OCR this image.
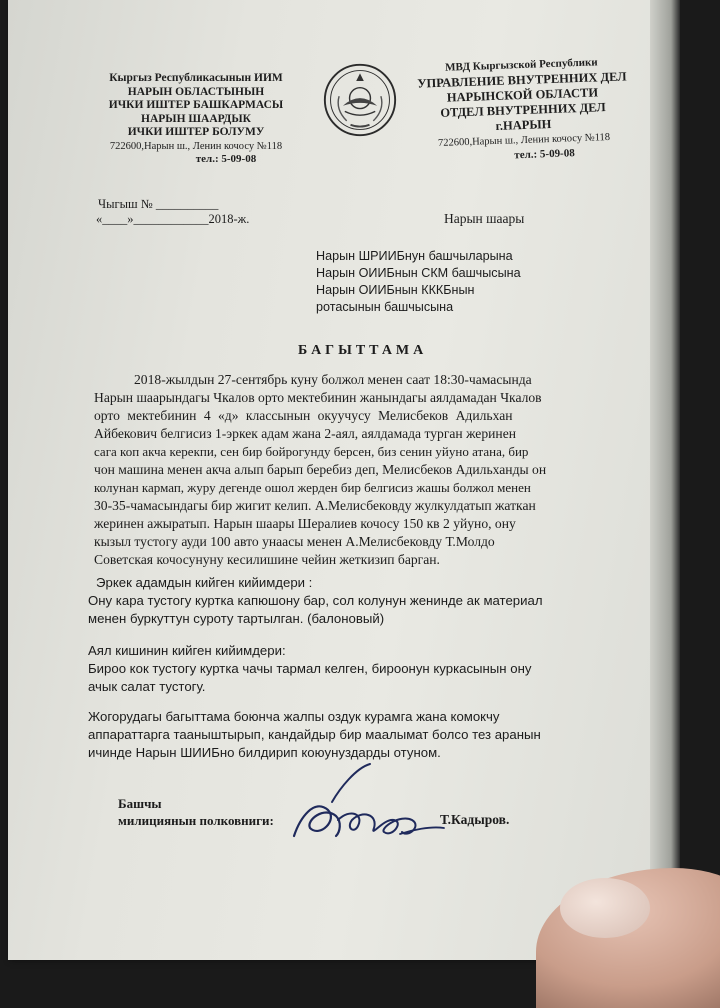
Кыргыз Республикасынын ИИМ
НАРЫН ОБЛАСТЫНЫН
ИЧКИ ИШТЕР БАШКАРМАСЫ
НАРЫН ШААРДЫК
ИЧКИ ИШТЕР БОЛУМУ
722600,Нарын ш., Ленин кочосу №118
тел.: 5-09-08
МВД Кыргызской Республики
УПРАВЛЕНИЕ ВНУТРЕННИХ ДЕЛ
НАРЫНСКОЙ ОБЛАСТИ
ОТДЕЛ ВНУТРЕННИХ ДЕЛ
г.НАРЫН
722600,Нарын ш., Ленин кочосу №118
тел.: 5-09-08
Чыгыш № __________
«____»____________2018-ж.	Нарын шаары
Нарын ШРИИБнун башчыларына
Нарын ОИИБнын СКМ башчысына
Нарын ОИИБнын КККБнын
ротасынын башчысына
БАГЫТТАМА
2018-жылдын 27-сентябрь куну болжол менен саат 18:30-чамасында
Нарын шаарындагы Чкалов орто мектебинин жанындагы аялдамадан Чкалов
орто мектебинин 4 «д» классынын окуучусу Мелисбеков Адильхан
Айбекович белгисиз 1-эркек адам жана 2-аял, аялдамада турган жеринен
сага коп акча керекпи, сен бир бойрогунду берсен, биз сенин уйуно атана, бир
чон машина менен акча алып барып беребиз деп, Мелисбеков Адильханды он
колунан кармап, журу дегенде ошол жерден бир белгисиз жашы болжол менен
30-35-чамасындагы бир жигит келип. А.Мелисбековду жулкулдатып жаткан
жеринен ажыратып. Нарын шаары Шералиев кочосу 150 кв 2 уйуно, ону
кызыл тустогу ауди 100 авто унаасы менен А.Мелисбековду Т.Молдо
Советская кочосунуну кесилишине чейин жеткизип барган.
Эркек адамдын кийген кийимдери :
Ону кара тустогу куртка капюшону бар, сол колунун женинде ак материал
менен буркуттун суроту тартылган. (балоновый)
Аял кишинин кийген кийимдери:
Бироо кок тустогу куртка чачы тармал келген, бироонун куркасынын ону
ачык салат тустогу.
Жогорудагы багыттама боюнча жалпы оздук курамга жана комокчу
аппараттарга тааныштырып, кандайдыр бир маалымат болсо тез аранын
ичинде Нарын ШИИБно билдирип коюунуздарды отуном.
Башчы
милициянын полковниги:	Т.Кадыров.
